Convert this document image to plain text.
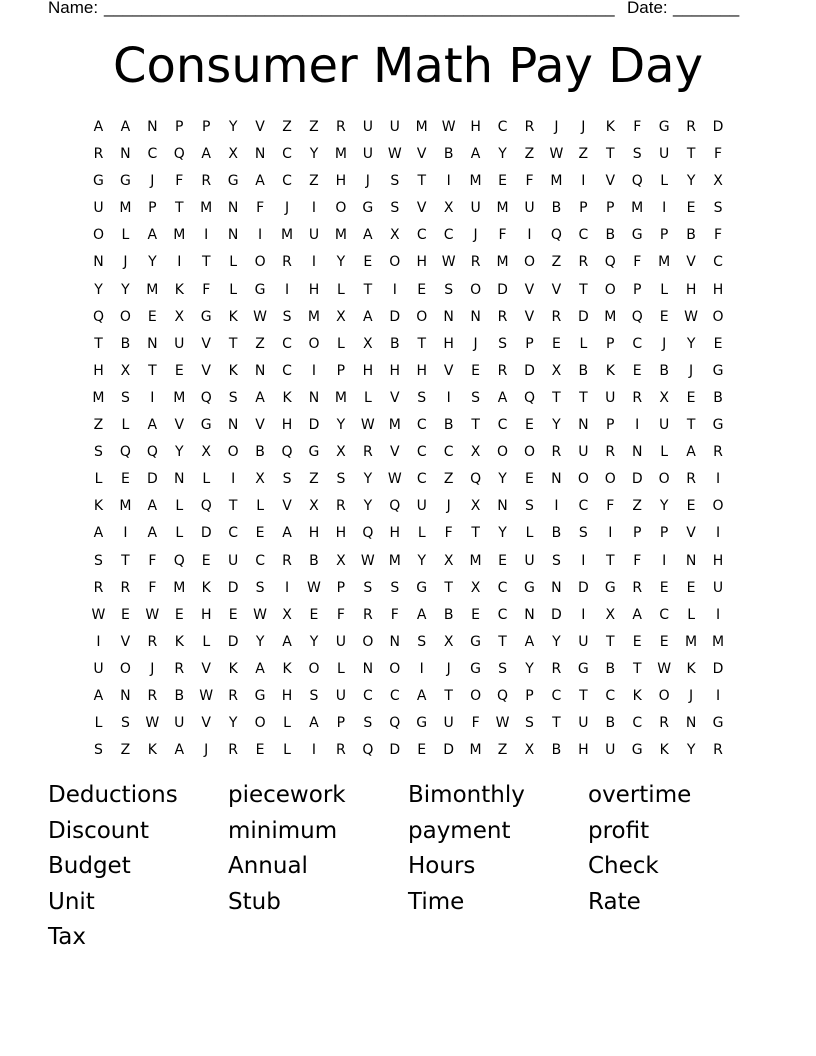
Name: ______________________________________________________ Date: _______
Consumer Math Pay Day
A	A	N	P	P	Y	V	Z	Z	R	U	U	M W	H	C	R	J	J	K	F	G	R	D
R	N	C	Q	A	X	N	C	Y	M	U	W	V	B	A	Y	Z	W	Z	T	S	U	T	F
G	G	J	F	R	G	A	C	Z	H	J	S	T	I	M	E	F	M	I	V	Q	L	Y	X
U	M	P	T	M	N	F	J	I	O	G	S	V	X	U	M	U	B	P	P	M	I	E	S
O	L	A	M	I	N	I	M	U	M	A	X	C	C	J	F	I	Q	C	B	G	P	B	F
N	J	Y	I	T	L	O	R	I	Y	E	O	H	W	R	M	O	Z	R	Q	F	M	V	C
Y	Y	M	K	F	L	G	I	H	L	T	I	E	S	O	D	V	V	T	O	P	L	H	H
Q	O	E	X	G	K	W	S	M	X	A	D	O	N	N	R	V	R	D	M	Q	E	W	O
T	B	N	U	V	T	Z	C	O	L	X	B	T	H	J	S	P	E	L	P	C	J	Y	E
H	X	T	E	V	K	N	C	I	P	H	H	H	V	E	R	D	X	B	K	E	B	J	G
M	S	I	M	Q	S	A	K	N	M	L	V	S	I	S	A	Q	T	T	U	R	X	E	B
Z	L	A	V	G	N	V	H	D	Y	W M	C	B	T	C	E	Y	N	P	I	U	T	G
S	Q	Q	Y	X	O	B	Q	G	X	R	V	C	C	X	O	O	R	U	R	N	L	A	R
L	E	D	N	L	I	X	S	Z	S	Y	W	C	Z	Q	Y	E	N	O	O	D	O	R	I
K	M	A	L	Q	T	L	V	X	R	Y	Q	U	J	X	N	S	I	C	F	Z	Y	E	O
A	I	A	L	D	C	E	A	H	H	Q	H	L	F	T	Y	L	B	S	I	P	P	V	I
S	T	F	Q	E	U	C	R	B	X	W M	Y	X	M	E	U	S	I	T	F	I	N	H
R	R	F	M	K	D	S	I	W	P	S	S	G	T	X	C	G	N	D	G	R	E	E	U
W	E	W	E	H	E	W	X	E	F	R	F	A	B	E	C	N	D	I	X	A	C	L	I
I	V	R	K	L	D	Y	A	Y	U	O	N	S	X	G	T	A	Y	U	T	E	E	M	M
U	O	J	R	V	K	A	K	O	L	N	O	I	J	G	S	Y	R	G	B	T	W	K	D
A	N	R	B	W	R	G	H	S	U	C	C	A	T	O	Q	P	C	T	C	K	O	J	I
L	S	W	U	V	Y	O	L	A	P	S	Q	G	U	F	W	S	T	U	B	C	R	N	G
S	Z	K	A	J	R	E	L	I	R	Q	D	E	D	M	Z	X	B	H	U	G	K	Y	R
Deductions piecework	Bimonthly	overtime
Discount	minimum	payment	profit
Budget	Annual	Hours	Check
Unit	Stub	Time	Rate
Tax
